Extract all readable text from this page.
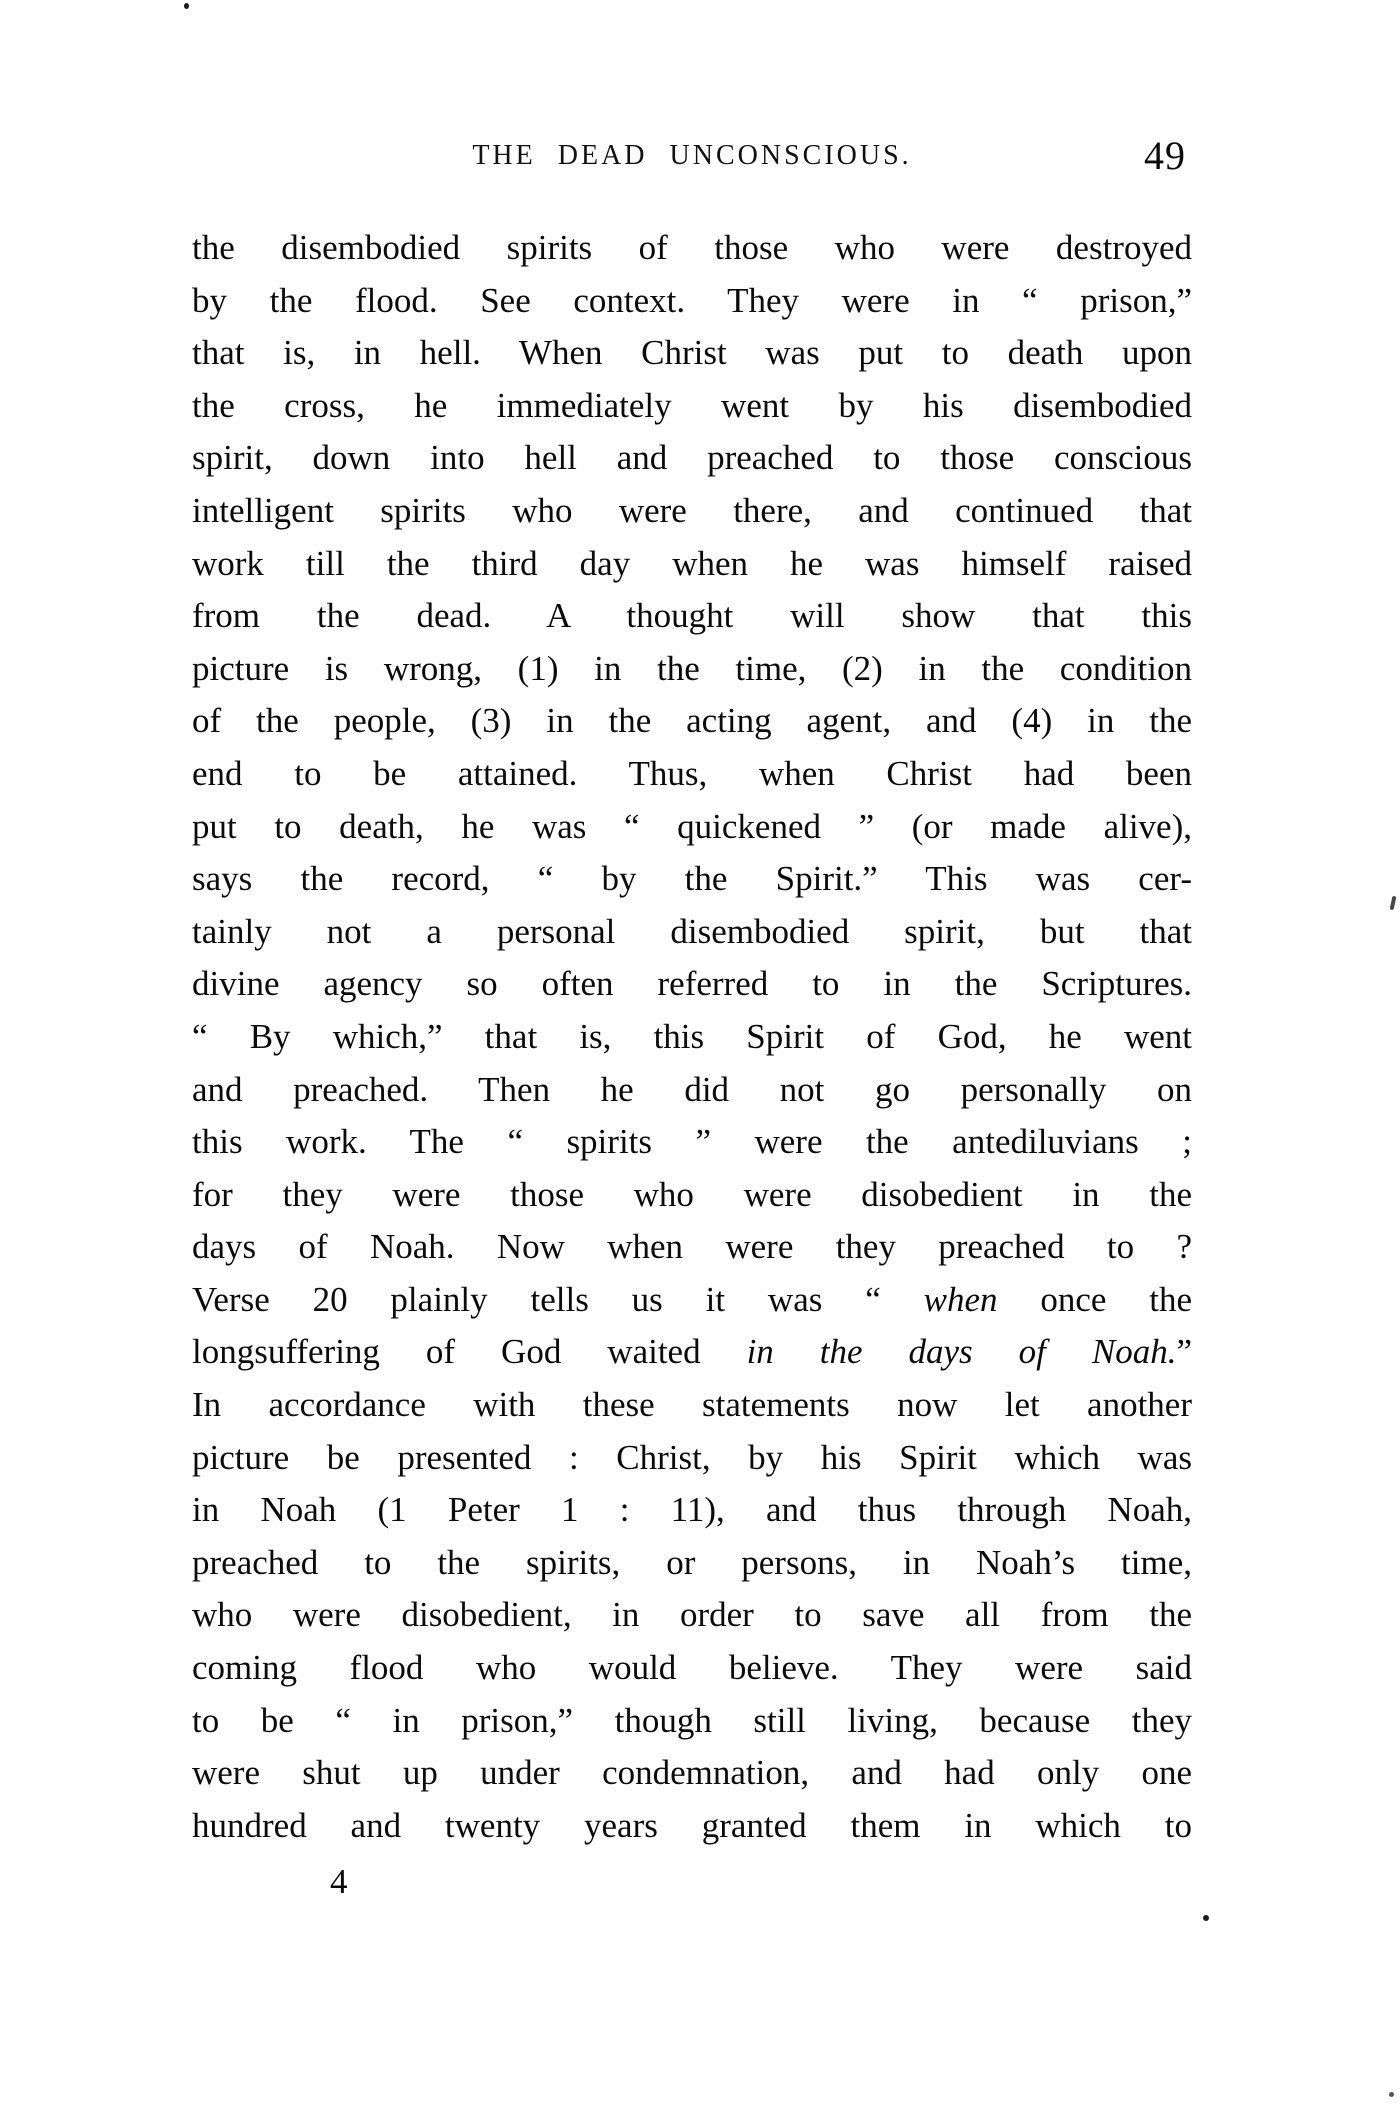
THE DEAD UNCONSCIOUS.	49
the disembodied spirits of those who were destroyed
by the flood. See context. They were in “ prison,”
that is, in hell. When Christ was put to death upon
the cross, he immediately went by his disembodied
spirit, down into hell and preached to those conscious
intelligent spirits who were there, and continued that
work till the third day when he was himself raised
from the dead. A thought will show that this
picture is wrong, (1) in the time, (2) in the condition
of the people, (3) in the acting agent, and (4) in the
end to be attained. Thus, when Christ had been
put to death, he was “ quickened ” (or made alive),
says the record, “ by the Spirit.” This was cer-
tainly not a personal disembodied spirit, but that
divine agency so often referred to in the Scriptures.
“ By which,” that is, this Spirit of God, he went
and preached. Then he did not go personally on
this work. The “ spirits ” were the antediluvians ;
for they were those who were disobedient in the
days of Noah. Now when were they preached to ?
Verse 20 plainly tells us it was “ when once the
longsuffering of God waited in the days of Noah.”
In accordance with these statements now let another
picture be presented : Christ, by his Spirit which was
in Noah (1 Peter 1 : 11), and thus through Noah,
preached to the spirits, or persons, in Noah’s time,
who were disobedient, in order to save all from the
coming flood who would believe. They were said
to be “ in prison,” though still living, because they
were shut up under condemnation, and had only one
hundred and twenty years granted them in which to
4
